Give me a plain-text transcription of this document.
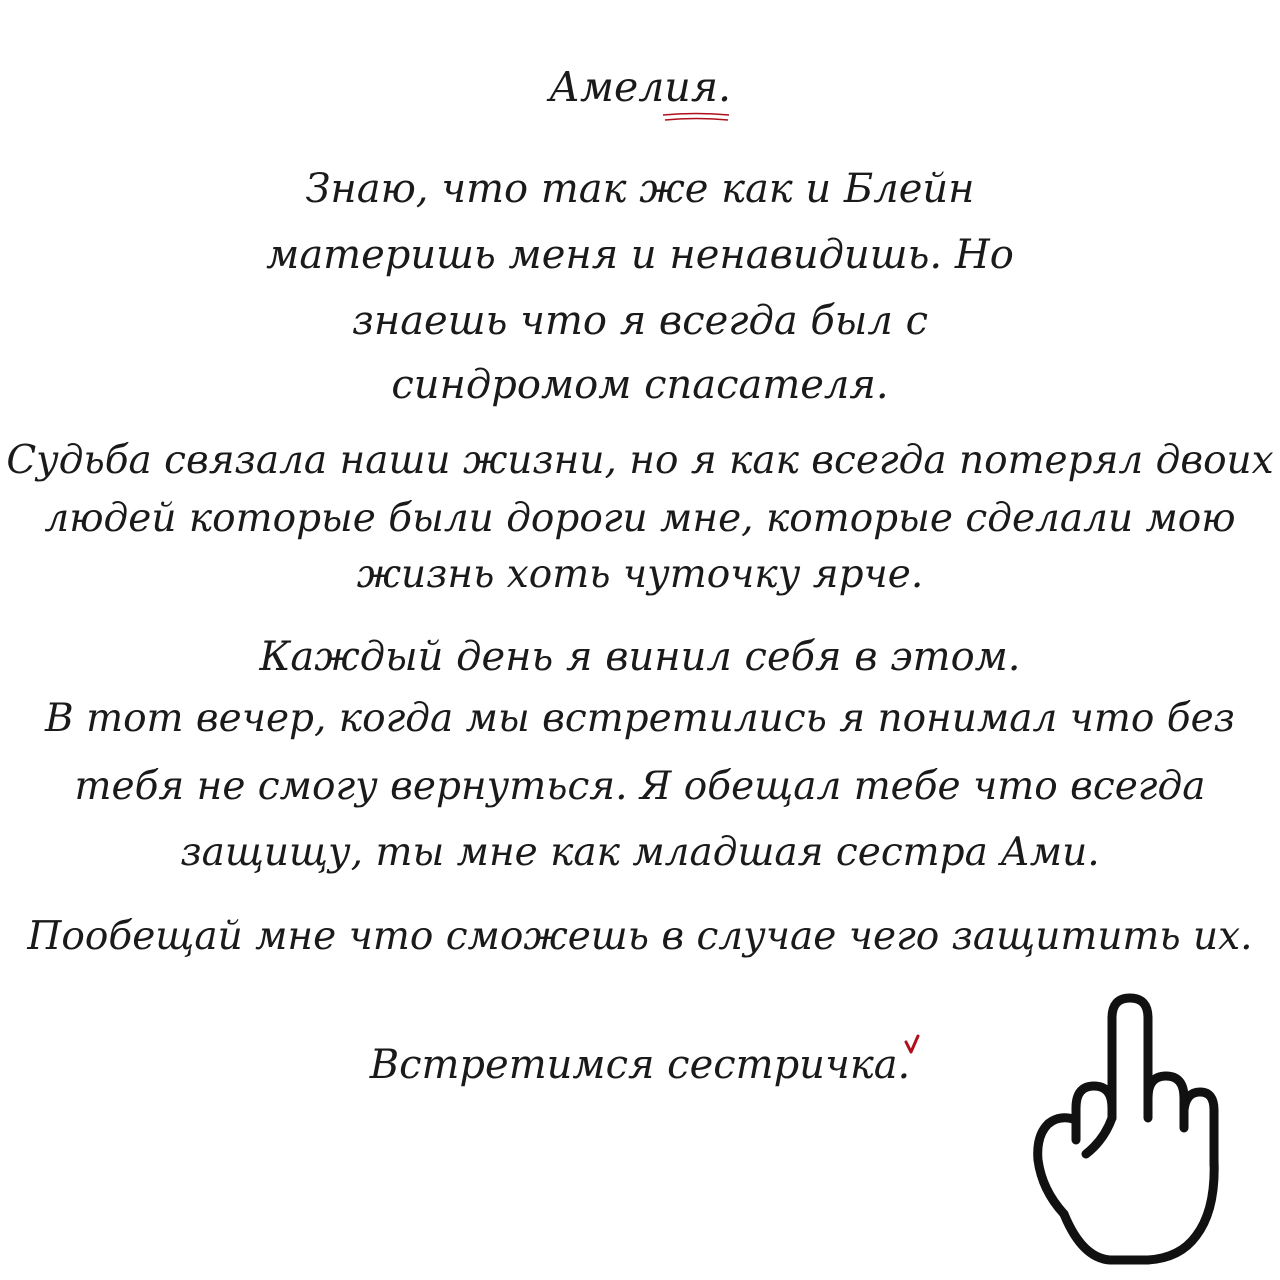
Амелия.
Знаю, что так же как и Блейн
материшь меня и ненавидишь. Но
знаешь что я всегда был с
синдромом спасателя.
Судьба связала наши жизни, но я как всегда потерял двоих
людей которые были дороги мне, которые сделали мою
жизнь хоть чуточку ярче.
Каждый день я винил себя в этом.
В тот вечер, когда мы встретились я понимал что без
тебя не смогу вернуться. Я обещал тебе что всегда
защищу, ты мне как младшая сестра Ами.
Пообещай мне что сможешь в случае чего защитить их.
Встретимся сестричка.
